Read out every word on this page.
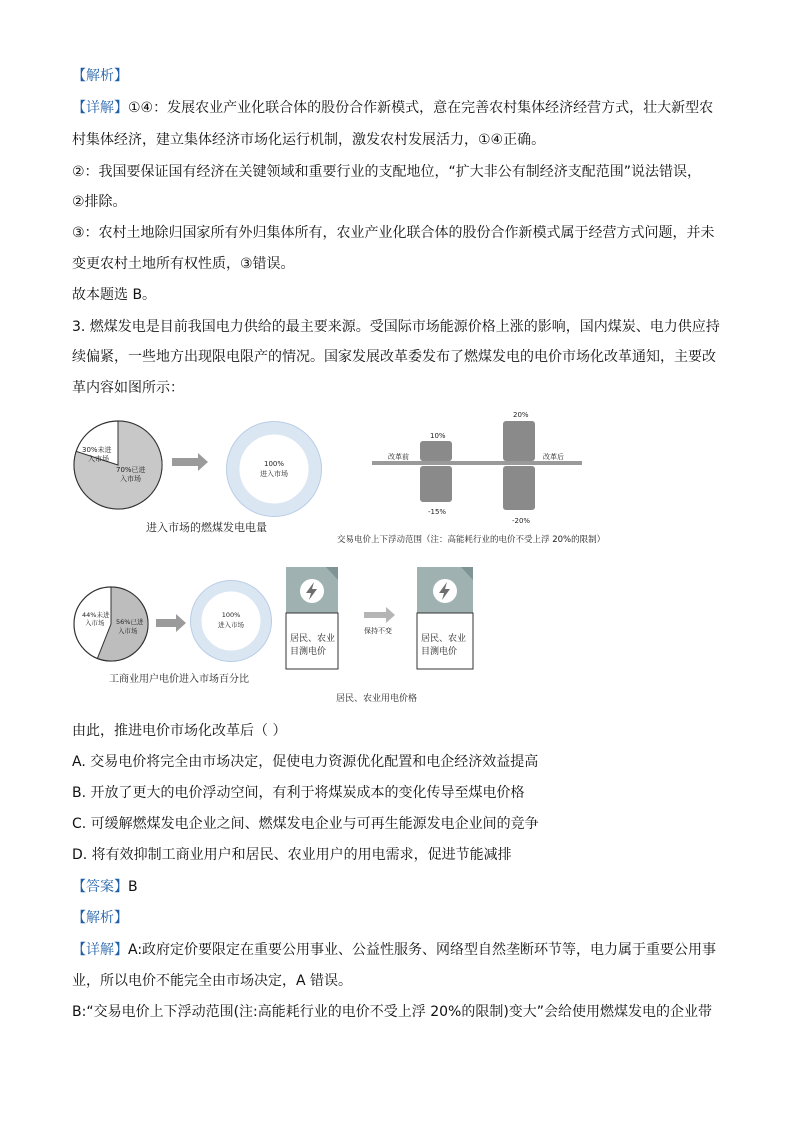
【解析】
【详解】①④：发展农业产业化联合体的股份合作新模式，意在完善农村集体经济经营方式，壮大新型农
村集体经济，建立集体经济市场化运行机制，激发农村发展活力，①④正确。
②：我国要保证国有经济在关键领域和重要行业的支配地位，“扩大非公有制经济支配范围”说法错误，
②排除。
③：农村土地除归国家所有外归集体所有，农业产业化联合体的股份合作新模式属于经营方式问题，并未
变更农村土地所有权性质，③错误。
故本题选 B。
3. 燃煤发电是目前我国电力供给的最主要来源。受国际市场能源价格上涨的影响，国内煤炭、电力供应持
续偏紧，一些地方出现限电限产的情况。国家发展改革委发布了燃煤发电的电价市场化改革通知，主要改
革内容如图所示：
30%未进
入市场
70%已进
入市场
100%
进入市场
改革前	改革后
10%
-15%
20%
-20%
44%未进
入市场 56%已进
入市场
100%
进入市场
居民、农业
目测电价
保持不变
居民、农业
目测电价
进入市场的燃煤发电电量
交易电价上下浮动范围（注：高能耗行业的电价不受上浮 20%的限制）
工商业用户电价进入市场百分比
居民、农业用电价格
由此，推进电价市场化改革后（ ）
A. 交易电价将完全由市场决定，促使电力资源优化配置和电企经济效益提高
B. 开放了更大的电价浮动空间，有利于将煤炭成本的变化传导至煤电价格
C. 可缓解燃煤发电企业之间、燃煤发电企业与可再生能源发电企业间的竞争
D. 将有效抑制工商业用户和居民、农业用户的用电需求，促进节能减排
【答案】B
【解析】
【详解】A:政府定价要限定在重要公用事业、公益性服务、网络型自然垄断环节等，电力属于重要公用事
业，所以电价不能完全由市场决定，A 错误。
B:“交易电价上下浮动范围(注:高能耗行业的电价不受上浮 20%的限制)变大”会给使用燃煤发电的企业带
